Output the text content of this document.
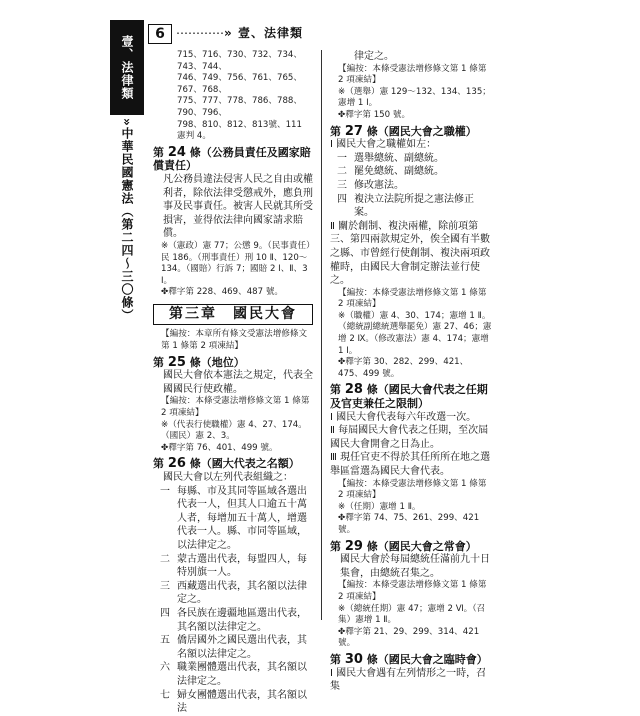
壹、法律類
6 ⋯⋯⋯⋯» 壹、法律類
»中華民國憲法（第二四〜三〇條）
715、716、730、732、734、743、744、
746、749、756、761、765、767、768、
775、777、778、786、788、790、796、
798、810、812、813號、111 憲判 4。
第 24 條（公務員責任及國家賠償責任）
凡公務員違法侵害人民之自由或權利者，除依法律受懲戒外，應負刑事及民事責任。被害人民就其所受損害，並得依法律向國家請求賠償。
※（憲政）憲 77；公懲 9。（民事責任）民 186。（刑事責任）刑 10 Ⅱ、120〜134。（國賠）行訴 7；國賠 2 Ⅰ、Ⅱ、3 Ⅰ。
✤釋字第 228、469、487 號。
第三章　國民大會
【編按：本章所有條文受憲法增修條文第 1 條第 2 項凍結】
第 25 條（地位）
國民大會依本憲法之規定，代表全國國民行使政權。
【編按：本條受憲法增修條文第 1 條第 2 項凍結】
※（代表行使職權）憲 4、27、174。（國民）憲 2、3。
✤釋字第 76、401、499 號。
第 26 條（國大代表之名額）
國民大會以左列代表組織之：
一 每縣、市及其同等區域各選出代表一人，但其人口逾五十萬人者，每增加五十萬人，增選代表一人。縣、市同等區域，以法律定之。
二 蒙古選出代表，每盟四人，每特別旗一人。
三 西藏選出代表，其名額以法律定之。
四 各民族在邊疆地區選出代表，其名額以法律定之。
五 僑居國外之國民選出代表，其名額以法律定之。
六 職業團體選出代表，其名額以法律定之。
七 婦女團體選出代表，其名額以法
律定之。
【編按：本條受憲法增修條文第 1 條第 2 項凍結】
※（選舉）憲 129〜132、134、135；憲增 1 Ⅰ。
✤釋字第 150 號。
第 27 條（國民大會之職權）
Ⅰ 國民大會之職權如左：
一 選舉總統、副總統。
二 罷免總統、副總統。
三 修改憲法。
四 複決立法院所提之憲法修正案。
Ⅱ 關於創制、複決兩權，除前項第三、第四兩款規定外，俟全國有半數之縣、市曾經行使創制、複決兩項政權時，由國民大會制定辦法並行使之。
【編按：本條受憲法增修條文第 1 條第 2 項凍結】
※（職權）憲 4、30、174；憲增 1 Ⅱ。（總統副總統選舉罷免）憲 27、46；憲增 2 Ⅸ。（修改憲法）憲 4、174；憲增 1 Ⅰ。
✤釋字第 30、282、299、421、475、499 號。
第 28 條（國民大會代表之任期及官吏兼任之限制）
Ⅰ 國民大會代表每六年改選一次。
Ⅱ 每屆國民大會代表之任期，至次屆國民大會開會之日為止。
Ⅲ 現任官吏不得於其任所所在地之選舉區當選為國民大會代表。
【編按：本條受憲法增修條文第 1 條第 2 項凍結】
※（任期）憲增 1 Ⅱ。
✤釋字第 74、75、261、299、421 號。
第 29 條（國民大會之常會）
國民大會於每屆總統任滿前九十日集會，由總統召集之。
【編按：本條受憲法增修條文第 1 條第 2 項凍結】
※（總統任期）憲 47；憲增 2 Ⅵ。（召集）憲增 1 Ⅱ。
✤釋字第 21、29、299、314、421 號。
第 30 條（國民大會之臨時會）
Ⅰ 國民大會遇有左列情形之一時，召集
